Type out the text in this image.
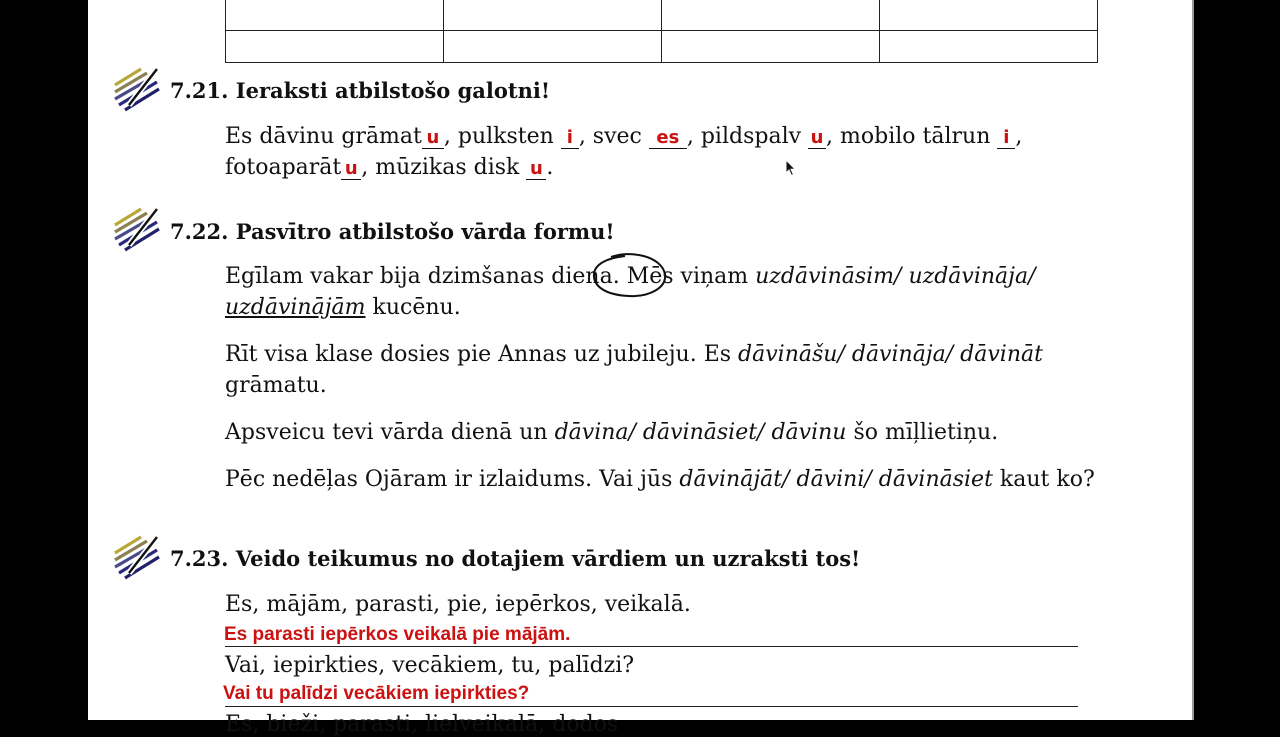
7.21. Ieraksti atbilstošo galotni!
Es dāvinu grāmat u , pulksten i , svec es , pildspalv u , mobilo tālrun i ,
fotoaparāt u , mūzikas disk u .
7.22. Pasvītro atbilstošo vārda formu!
Egīlam vakar bija dzimšanas diena. Mēs viņam uzdāvināsim/ uzdāvināja/
uzdāvinājām kucēnu.
Rīt visa klase dosies pie Annas uz jubileju. Es dāvināšu/ dāvināja/ dāvināt
grāmatu.
Apsveicu tevi vārda dienā un dāvina/ dāvināsiet/ dāvinu šo mīļlietiņu.
Pēc nedēļas Ojāram ir izlaidums. Vai jūs dāvinājāt/ dāvini/ dāvināsiet kaut ko?
7.23. Veido teikumus no dotajiem vārdiem un uzraksti tos!
Es, mājām, parasti, pie, iepērkos, veikalā.
Es parasti iepērkos veikalā pie mājām.
Vai, iepirkties, vecākiem, tu, palīdzi?
Vai tu palīdzi vecākiem iepirkties?
Es, bieži, parasti, lielveikalā, dodos
